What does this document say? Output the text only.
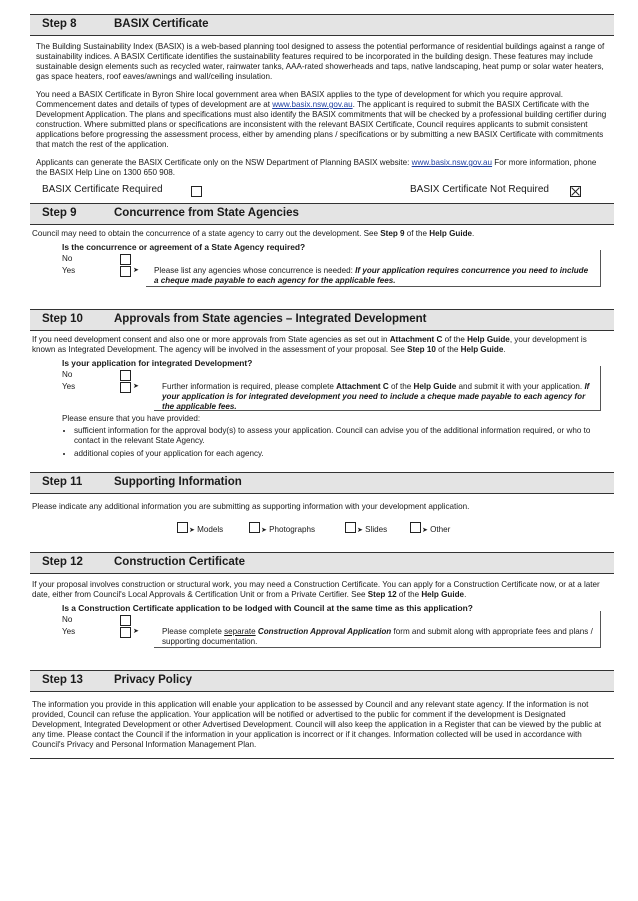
Step 8	BASIX Certificate

The Building Sustainability Index (BASIX) is a web-based planning tool designed to assess the potential performance of residential buildings against a range of sustainability indices. A BASIX Certificate identifies the sustainability features required to be incorporated in the building design. These features may include sustainable design elements such as recycled water, rainwater tanks, AAA-rated showerheads and taps, native landscaping, heat pump or solar water heaters, gas space heaters, roof eaves/awnings and wall/ceiling insulation.

You need a BASIX Certificate in Byron Shire local government area when BASIX applies to the type of development for which you require approval. Commencement dates and details of types of development are at www.basix.nsw.gov.au. The applicant is required to submit the BASIX Certificate with the Development Application. The plans and specifications must also identify the BASIX commitments that will be checked by a professional building certifier during construction. Where submitted plans or specifications are inconsistent with the relevant BASIX Certificate, Council requires applicants to submit consistent applications before progressing the assessment process, either by amending plans / specifications or by submitting a new BASIX Certificate with commitments that match the rest of the application.

Applicants can generate the BASIX Certificate only on the NSW Department of Planning BASIX website: www.basix.nsw.gov.au For more information, phone the BASIX Help Line on 1300 650 908.

BASIX Certificate Required	BASIX Certificate Not Required
Step 9	Concurrence from State Agencies
Council may need to obtain the concurrence of a state agency to carry out the development. See Step 9 of the Help Guide.
Is the concurrence or agreement of a State Agency required?
No
Yes	➤ Please list any agencies whose concurrence is needed: If your application requires concurrence you need to include a cheque made payable to each agency for the applicable fees.
Step 10	Approvals from State agencies – Integrated Development
If you need development consent and also one or more approvals from State agencies as set out in Attachment C of the Help Guide, your development is known as Integrated Development. The agency will be involved in the assessment of your proposal. See Step 10 of the Help Guide.
Is your application for integrated Development?
No
Yes	➤	Further information is required, please complete Attachment C of the Help Guide and submit it with your application. If your application is for integrated development you need to include a cheque made payable to each agency for the applicable fees.
Please ensure that you have provided:
• sufficient information for the approval body(s) to assess your application. Council can advise you of the additional information required, or who to contact in the relevant State Agency.
• additional copies of your application for each agency.
Step 11	Supporting Information
Please indicate any additional information you are submitting as supporting information with your development application.
➤ Models	➤ Photographs	➤ Slides	➤ Other
Step 12	Construction Certificate
If your proposal involves construction or structural work, you may need a Construction Certificate. You can apply for a Construction Certificate now, or at a later date, either from Council's Local Approvals & Certification Unit or from a Private Certifier. See Step 12 of the Help Guide.
Is a Construction Certificate application to be lodged with Council at the same time as this application?
No
Yes	➤	Please complete separate Construction Approval Application form and submit along with appropriate fees and plans / supporting documentation.
Step 13	Privacy Policy
The information you provide in this application will enable your application to be assessed by Council and any relevant state agency. If the information is not provided, Council can refuse the application. Your application will be notified or advertised to the public for comment if the development is Designated Development, Integrated Development or other Advertised Development. Council will also keep the application in a Register that can be viewed by the public at any time. Please contact the Council if the information in your application is incorrect or if it changes. Information collected will be used in accordance with Council's Privacy and Personal Information Management Plan.
